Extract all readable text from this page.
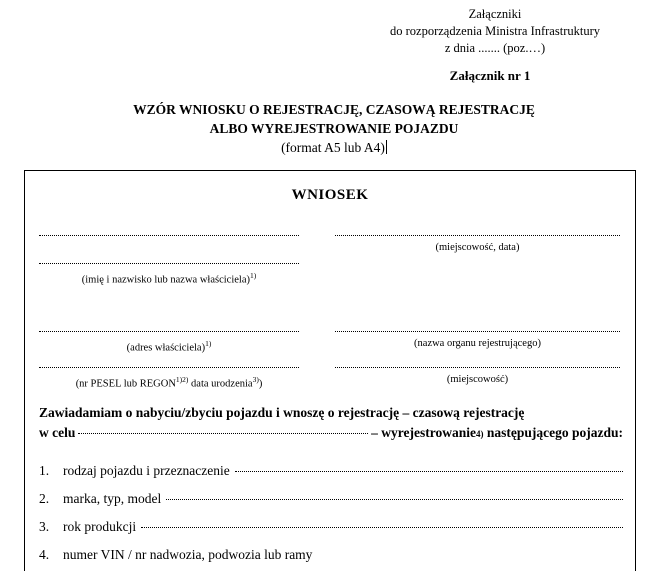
Załączniki
do rozporządzenia Ministra Infrastruktury
z dnia ....... (poz.…)
Załącznik nr 1
WZÓR WNIOSKU O REJESTRACJĘ, CZASOWĄ REJESTRACJĘ
ALBO WYREJESTROWANIE POJAZDU
(format A5 lub A4)
WNIOSEK
(imię i nazwisko lub nazwa właściciela)$^{1)}$
(adres właściciela)$^{1)}$
(nr PESEL lub $REGON^{1)2)}$ data urodzenia$^{3)}$)
(miejscowość, data)
(nazwa organu rejestrującego)
(miejscowość)
Zawiadamiam o nabyciu/zbyciu pojazdu i wnoszę o rejestrację – czasową rejestrację
w celu	– wyrejestrowanie 4)
następującego pojazdu:
1.	rodzaj pojazdu i przeznaczenie
2.	marka, typ, model
3.	rok produkcji
4.	numer VIN / nr nadwozia, podwozia lub ramy
